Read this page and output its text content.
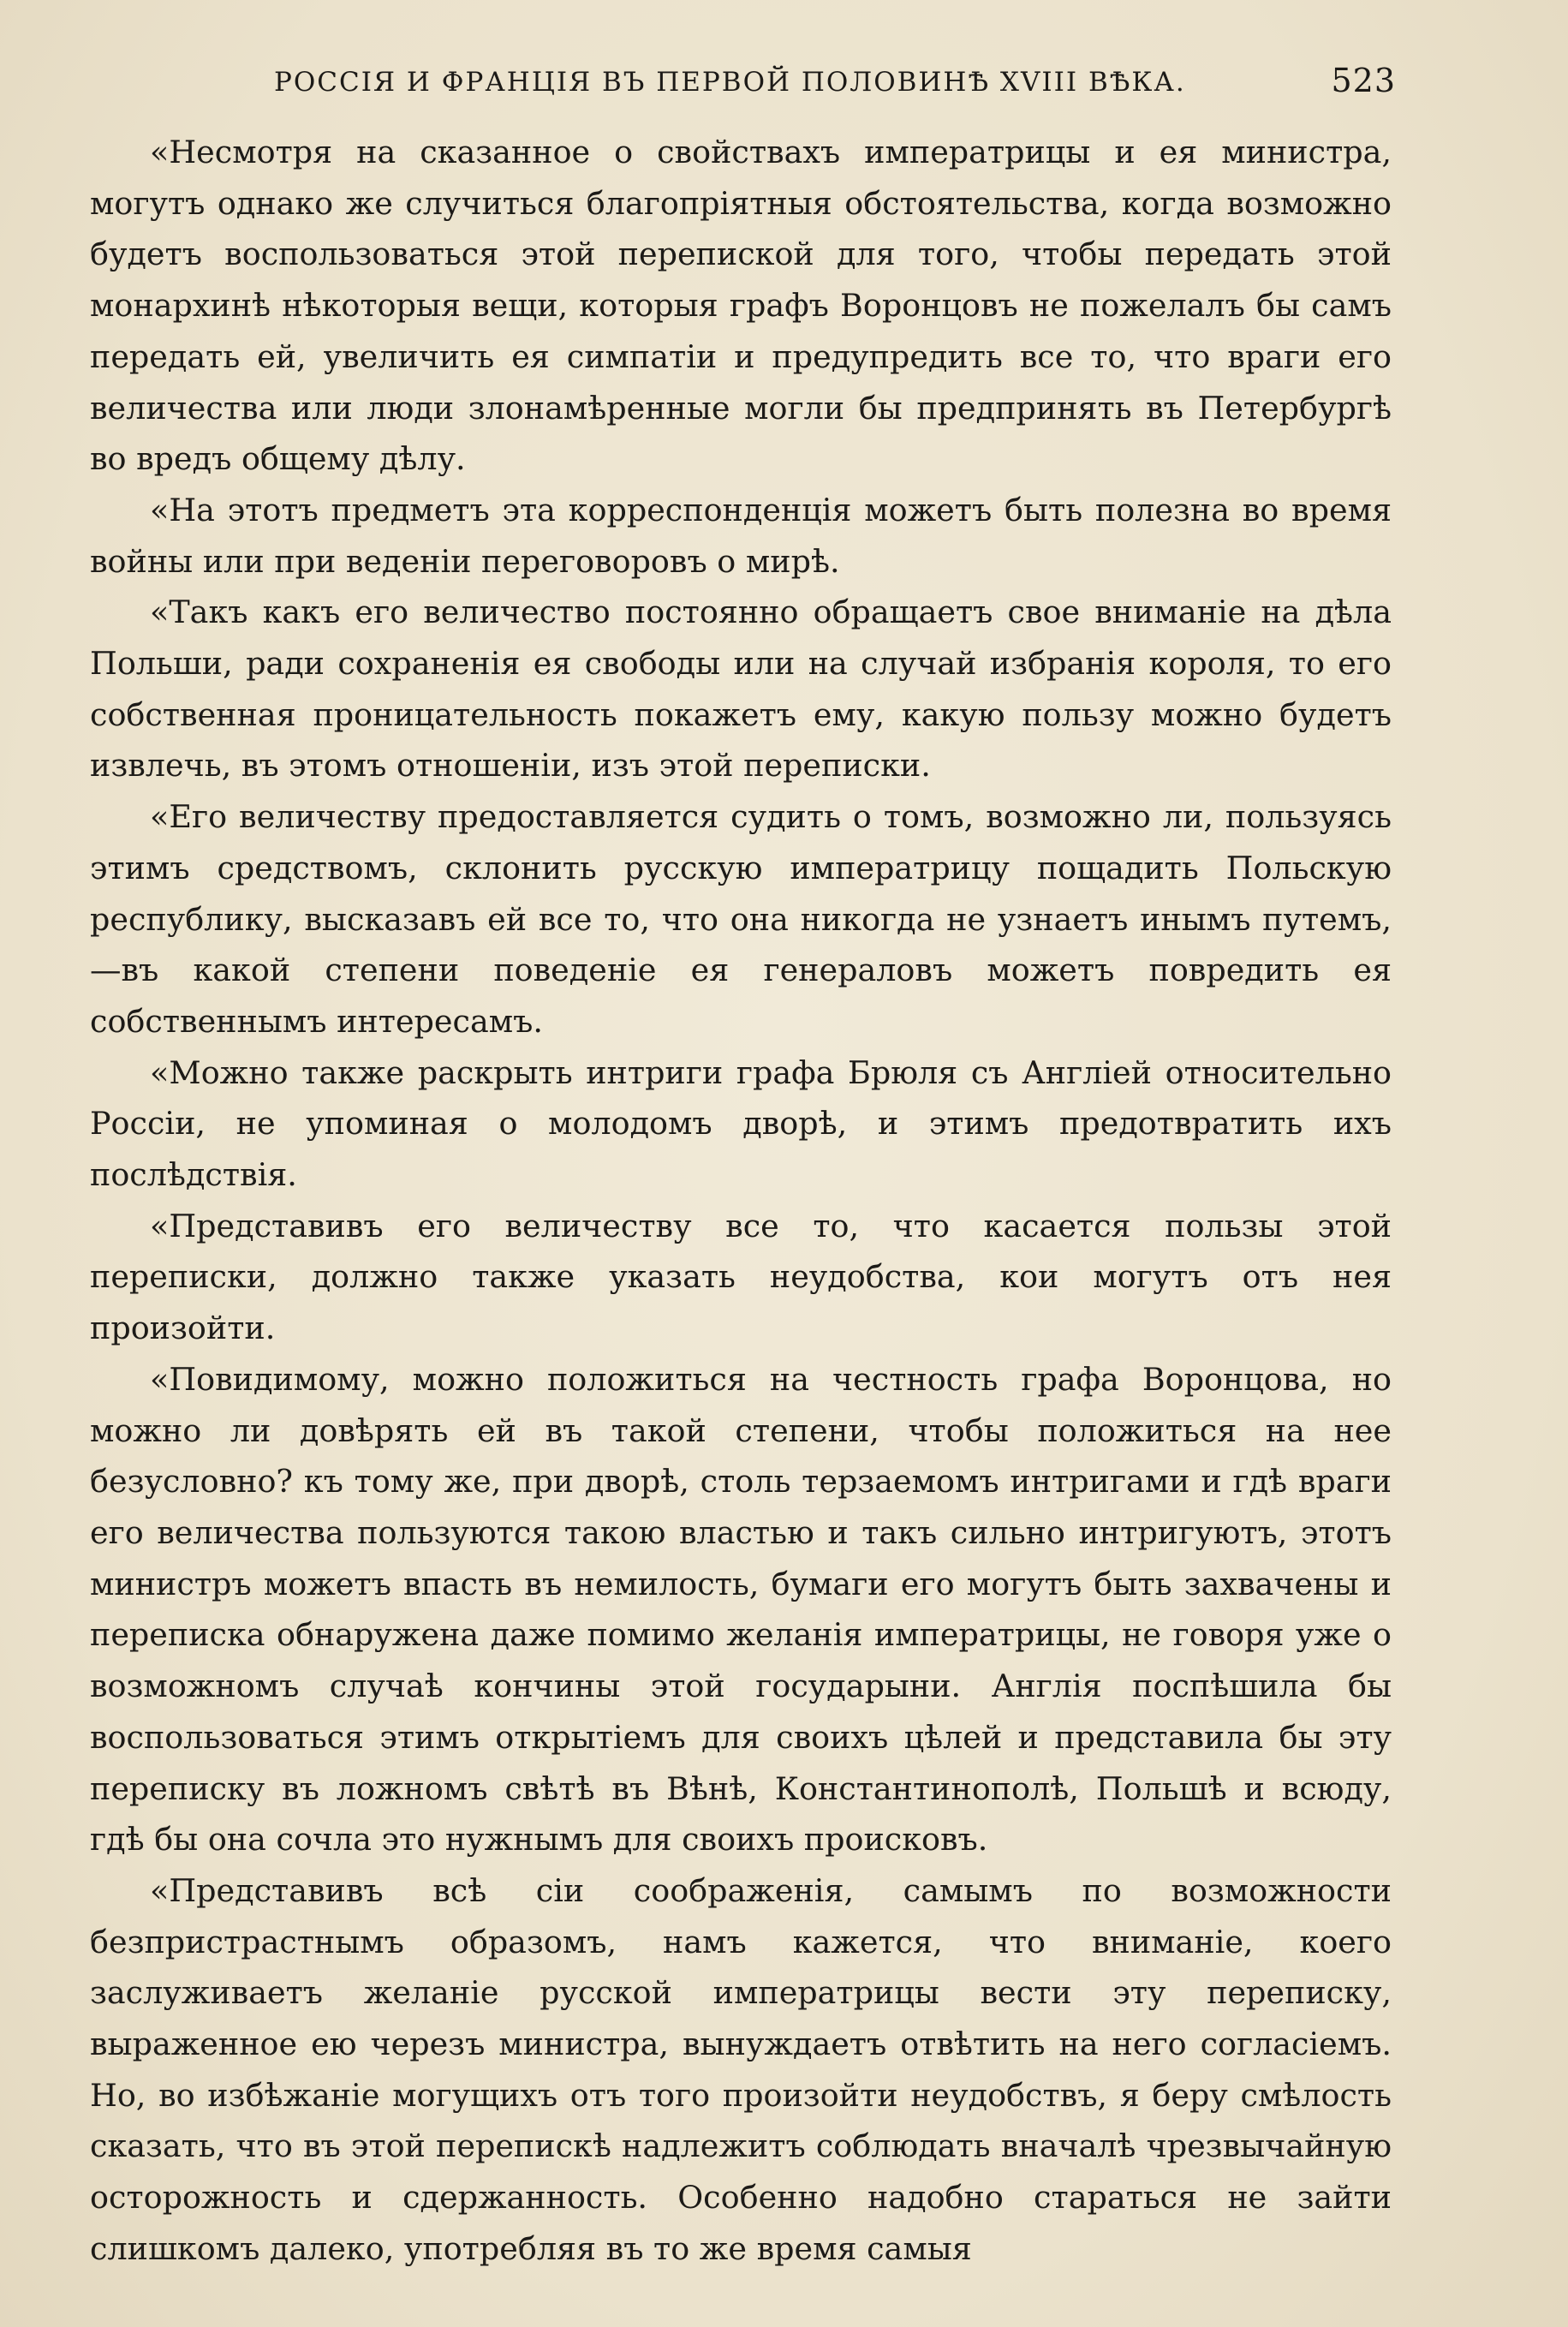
РОССІЯ И ФРАНЦІЯ ВЪ ПЕРВОЙ ПОЛОВИНѢ XVIII ВѢКА.	523

«Несмотря на сказанное о свойствахъ императрицы и ея министра, могутъ однако же случиться благопріятныя обстоятельства, когда возможно будетъ воспользоваться этой перепиской для того, чтобы передать этой монархинѣ нѣкоторыя вещи, которыя графъ Воронцовъ не пожелалъ бы самъ передать ей, увеличить ея симпатіи и предупредить все то, что враги его величества или люди злонамѣренные могли бы предпринять въ Петербургѣ во вредъ общему дѣлу.

«На этотъ предметъ эта корреспонденція можетъ быть полезна во время войны или при веденіи переговоровъ о мирѣ.

«Такъ какъ его величество постоянно обращаетъ свое вниманіе на дѣла Польши, ради сохраненія ея свободы или на случай избранія короля, то его собственная проницательность покажетъ ему, какую пользу можно будетъ извлечь, въ этомъ отношеніи, изъ этой переписки.

«Его величеству предоставляется судить о томъ, возможно ли, пользуясь этимъ средствомъ, склонить русскую императрицу пощадить Польскую республику, высказавъ ей все то, что она никогда не узнаетъ инымъ путемъ,—въ какой степени поведеніе ея генераловъ можетъ повредить ея собственнымъ интересамъ.

«Можно также раскрыть интриги графа Брюля съ Англіей относительно Россіи, не упоминая о молодомъ дворѣ, и этимъ предотвратить ихъ послѣдствія.

«Представивъ его величеству все то, что касается пользы этой переписки, должно также указать неудобства, кои могутъ отъ нея произойти.

«Повидимому, можно положиться на честность графа Воронцова, но можно ли довѣрять ей въ такой степени, чтобы положиться на нее безусловно? къ тому же, при дворѣ, столь терзаемомъ интригами и гдѣ враги его величества пользуются такою властью и такъ сильно интригуютъ, этотъ министръ можетъ впасть въ немилость, бумаги его могутъ быть захвачены и переписка обнаружена даже помимо желанія императрицы, не говоря уже о возможномъ случаѣ кончины этой государыни. Англія поспѣшила бы воспользоваться этимъ открытіемъ для своихъ цѣлей и представила бы эту переписку въ ложномъ свѣтѣ въ Вѣнѣ, Константинополѣ, Польшѣ и всюду, гдѣ бы она сочла это нужнымъ для своихъ происковъ.

«Представивъ всѣ сіи соображенія, самымъ по возможности безпристрастнымъ образомъ, намъ кажется, что вниманіе, коего заслуживаетъ желаніе русской императрицы вести эту переписку, выраженное ею черезъ министра, вынуждаетъ отвѣтить на него согласіемъ. Но, во избѣжаніе могущихъ отъ того произойти неудобствъ, я беру смѣлость сказать, что въ этой перепискѣ надлежитъ соблюдать вначалѣ чрезвычайную осторожность и сдержанность. Особенно надобно стараться не зайти слишкомъ далеко, употребляя въ то же время самыя
